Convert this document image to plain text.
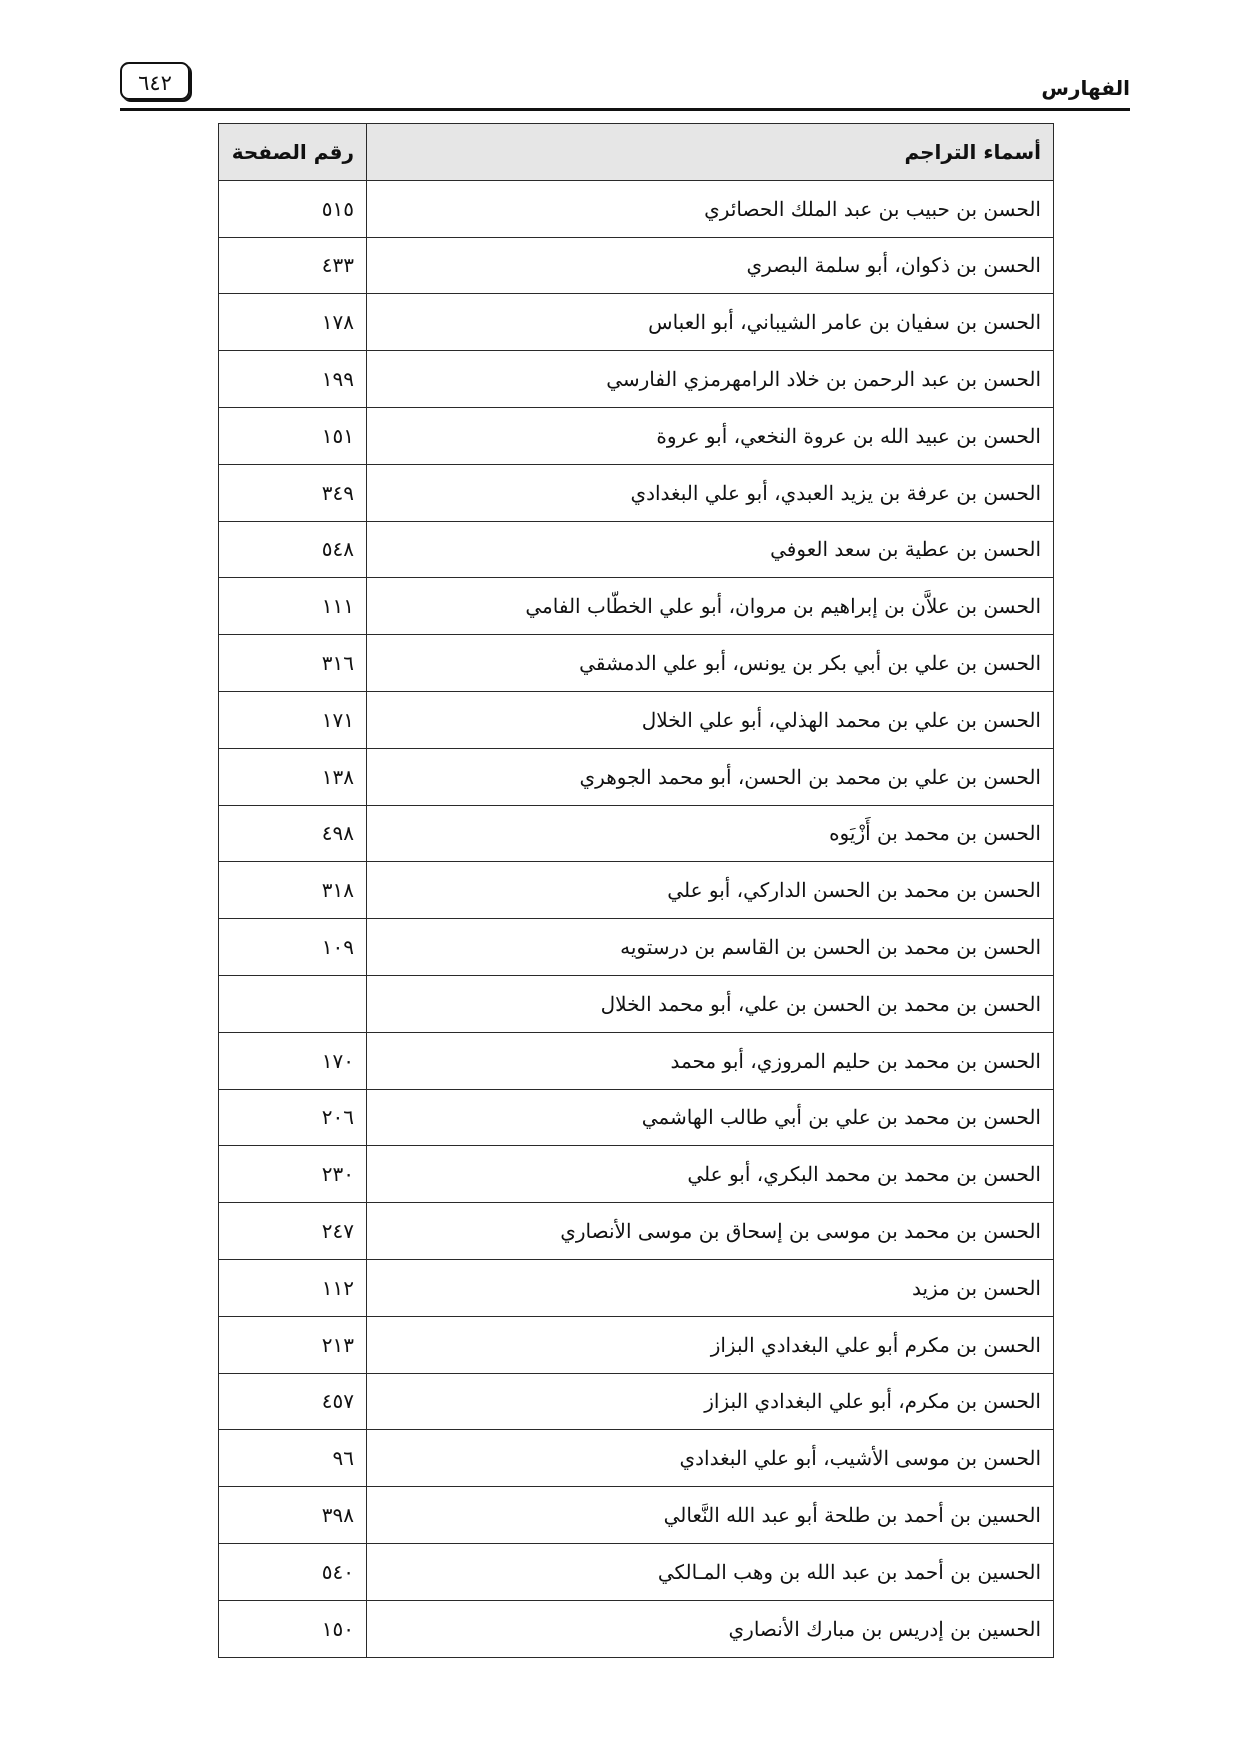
الفهارس
٦٤٢
أسماء التراجم	رقم الصفحة
الحسن بن حبيب بن عبد الملك الحصائري	٥١٥
الحسن بن ذكوان، أبو سلمة البصري	٤٣٣
الحسن بن سفيان بن عامر الشيباني، أبو العباس	١٧٨
الحسن بن عبد الرحمن بن خلاد الرامهرمزي الفارسي	١٩٩
الحسن بن عبيد الله بن عروة النخعي، أبو عروة	١٥١
الحسن بن عرفة بن يزيد العبدي، أبو علي البغدادي	٣٤٩
الحسن بن عطية بن سعد العوفي	٥٤٨
الحسن بن علاَّن بن إبراهيم بن مروان، أبو علي الخطّاب الفامي	١١١
الحسن بن علي بن أبي بكر بن يونس، أبو علي الدمشقي	٣١٦
الحسن بن علي بن محمد الهذلي، أبو علي الخلال	١٧١
الحسن بن علي بن محمد بن الحسن، أبو محمد الجوهري	١٣٨
الحسن بن محمد بن أَزْيَوه	٤٩٨
الحسن بن محمد بن الحسن الداركي، أبو علي	٣١٨
الحسن بن محمد بن الحسن بن القاسم بن درستويه	١٠٩
الحسن بن محمد بن الحسن بن علي، أبو محمد الخلال	
الحسن بن محمد بن حليم المروزي، أبو محمد	١٧٠
الحسن بن محمد بن علي بن أبي طالب الهاشمي	٢٠٦
الحسن بن محمد بن محمد البكري، أبو علي	٢٣٠
الحسن بن محمد بن موسى بن إسحاق بن موسى الأنصاري	٢٤٧
الحسن بن مزيد	١١٢
الحسن بن مكرم أبو علي البغدادي البزاز	٢١٣
الحسن بن مكرم، أبو علي البغدادي البزاز	٤٥٧
الحسن بن موسى الأشيب، أبو علي البغدادي	٩٦
الحسين بن أحمد بن طلحة أبو عبد الله النَّعالي	٣٩٨
الحسين بن أحمد بن عبد الله بن وهب المـالكي	٥٤٠
الحسين بن إدريس بن مبارك الأنصاري	١٥٠
